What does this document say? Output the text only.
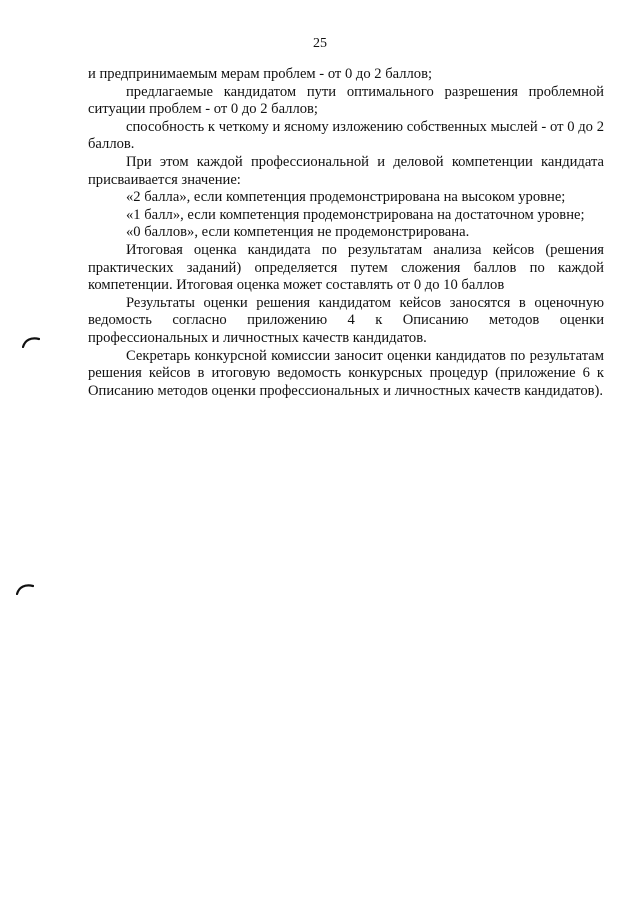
25

и предпринимаемым мерам проблем - от 0 до 2 баллов;

предлагаемые кандидатом пути оптимального разрешения проблемной ситуации проблем - от 0 до 2 баллов;

способность к четкому и ясному изложению собственных мыслей - от 0 до 2 баллов.

При этом каждой профессиональной и деловой компетенции кандидата присваивается значение:

«2 балла», если компетенция продемонстрирована на высоком уровне;

«1 балл», если компетенция продемонстрирована на достаточном уровне;

«0 баллов», если компетенция не продемонстрирована.

Итоговая оценка кандидата по результатам анализа кейсов (решения практических заданий) определяется путем сложения баллов по каждой компетенции. Итоговая оценка может составлять от 0 до 10 баллов

Результаты оценки решения кандидатом кейсов заносятся в оценочную ведомость согласно приложению 4 к Описанию методов оценки профессиональных и личностных качеств кандидатов.

Секретарь конкурсной комиссии заносит оценки кандидатов по результатам решения кейсов в итоговую ведомость конкурсных процедур (приложение 6 к Описанию методов оценки профессиональных и личностных качеств кандидатов).
